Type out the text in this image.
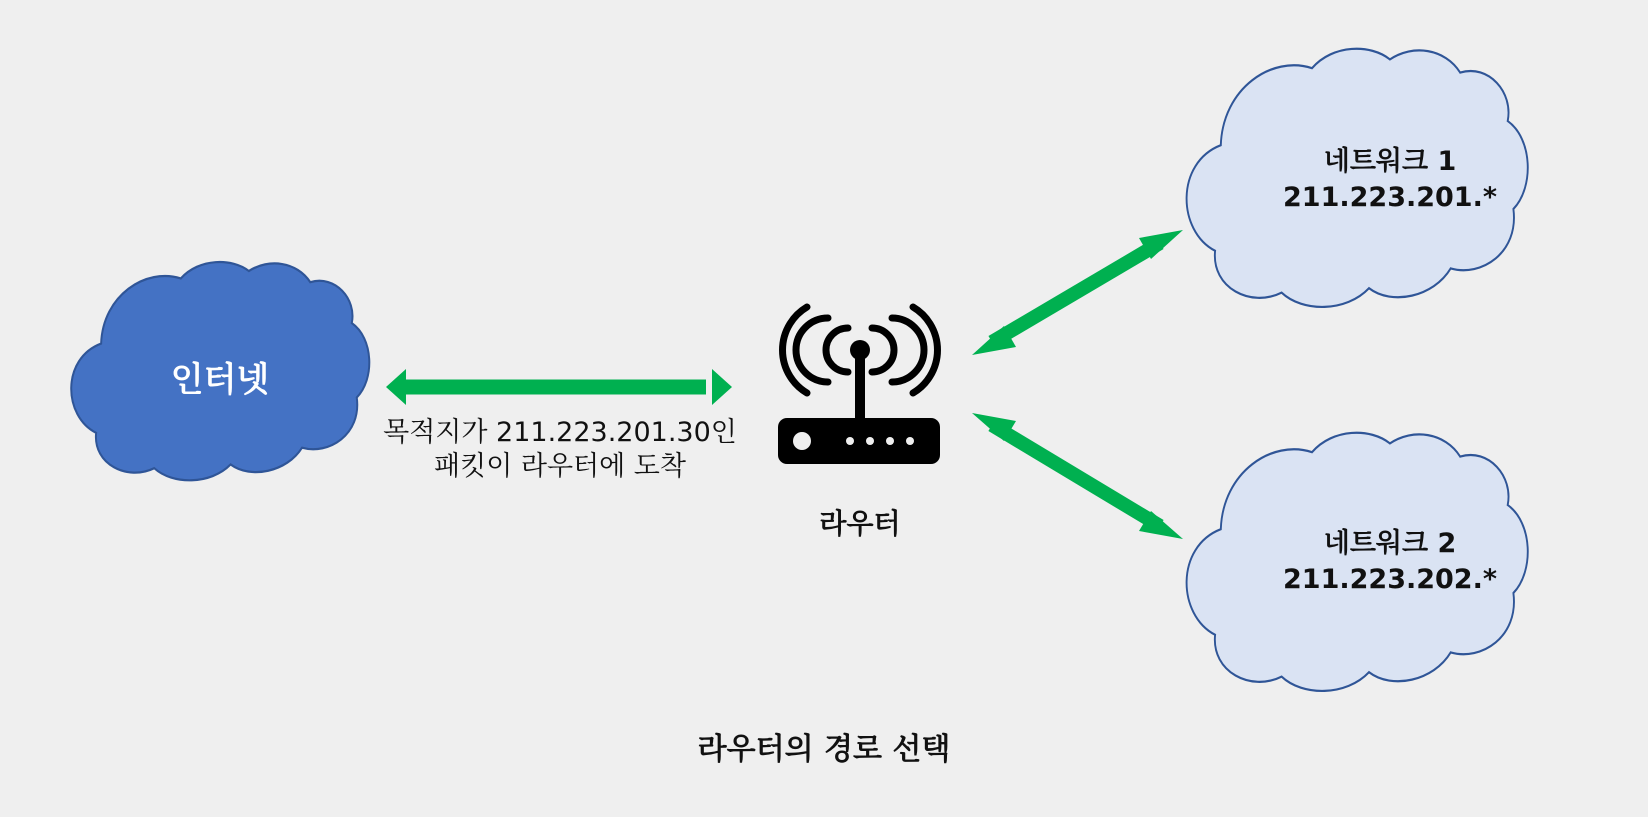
인터넷
네트워크 1
211.223.201.*
네트워크 2
211.223.202.*
목적지가 211.223.201.30인
패킷이 라우터에 도착
라우터
라우터의 경로 선택
